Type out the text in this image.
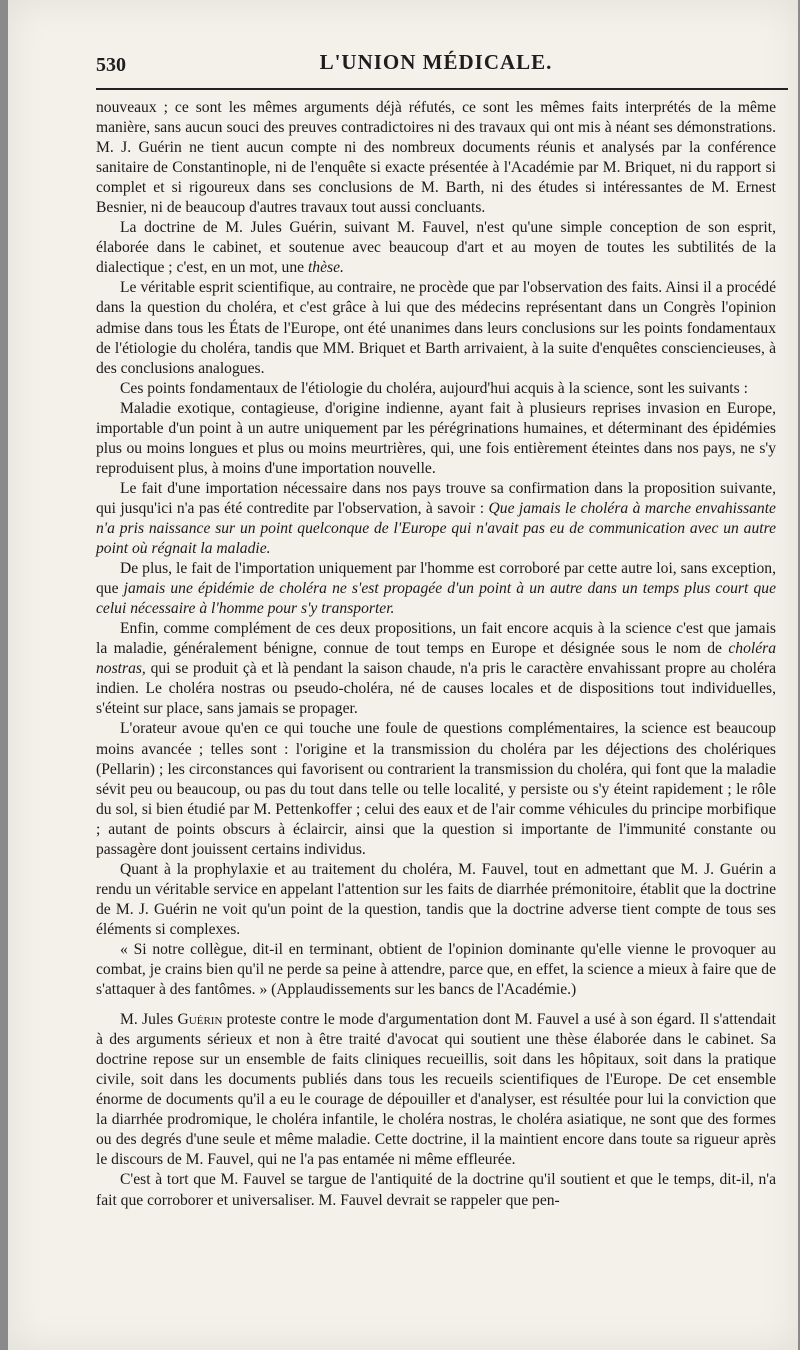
530	L'UNION MÉDICALE.

nouveaux ; ce sont les mêmes arguments déjà réfutés, ce sont les mêmes faits interprétés de la même manière, sans aucun souci des preuves contradictoires ni des travaux qui ont mis à néant ses démonstrations. M. J. Guérin ne tient aucun compte ni des nombreux documents réunis et analysés par la conférence sanitaire de Constantinople, ni de l'enquête si exacte présentée à l'Académie par M. Briquet, ni du rapport si complet et si rigoureux dans ses conclusions de M. Barth, ni des études si intéressantes de M. Ernest Besnier, ni de beaucoup d'autres travaux tout aussi concluants.

La doctrine de M. Jules Guérin, suivant M. Fauvel, n'est qu'une simple conception de son esprit, élaborée dans le cabinet, et soutenue avec beaucoup d'art et au moyen de toutes les subtilités de la dialectique ; c'est, en un mot, une thèse.

Le véritable esprit scientifique, au contraire, ne procède que par l'observation des faits. Ainsi il a procédé dans la question du choléra, et c'est grâce à lui que des médecins représentant dans un Congrès l'opinion admise dans tous les États de l'Europe, ont été unanimes dans leurs conclusions sur les points fondamentaux de l'étiologie du choléra, tandis que MM. Briquet et Barth arrivaient, à la suite d'enquêtes consciencieuses, à des conclusions analogues.

Ces points fondamentaux de l'étiologie du choléra, aujourd'hui acquis à la science, sont les suivants :

Maladie exotique, contagieuse, d'origine indienne, ayant fait à plusieurs reprises invasion en Europe, importable d'un point à un autre uniquement par les pérégrinations humaines, et déterminant des épidémies plus ou moins longues et plus ou moins meurtrières, qui, une fois entièrement éteintes dans nos pays, ne s'y reproduisent plus, à moins d'une importation nouvelle.

Le fait d'une importation nécessaire dans nos pays trouve sa confirmation dans la proposition suivante, qui jusqu'ici n'a pas été contredite par l'observation, à savoir : Que jamais le choléra à marche envahissante n'a pris naissance sur un point quelconque de l'Europe qui n'avait pas eu de communication avec un autre point où régnait la maladie.

De plus, le fait de l'importation uniquement par l'homme est corroboré par cette autre loi, sans exception, que jamais une épidémie de choléra ne s'est propagée d'un point à un autre dans un temps plus court que celui nécessaire à l'homme pour s'y transporter.

Enfin, comme complément de ces deux propositions, un fait encore acquis à la science c'est que jamais la maladie, généralement bénigne, connue de tout temps en Europe et désignée sous le nom de choléra nostras, qui se produit çà et là pendant la saison chaude, n'a pris le caractère envahissant propre au choléra indien. Le choléra nostras ou pseudo-choléra, né de causes locales et de dispositions tout individuelles, s'éteint sur place, sans jamais se propager.

L'orateur avoue qu'en ce qui touche une foule de questions complémentaires, la science est beaucoup moins avancée ; telles sont : l'origine et la transmission du choléra par les déjections des cholériques (Pellarin) ; les circonstances qui favorisent ou contrarient la transmission du choléra, qui font que la maladie sévit peu ou beaucoup, ou pas du tout dans telle ou telle localité, y persiste ou s'y éteint rapidement ; le rôle du sol, si bien étudié par M. Pettenkoffer ; celui des eaux et de l'air comme véhicules du principe morbifique ; autant de points obscurs à éclaircir, ainsi que la question si importante de l'immunité constante ou passagère dont jouissent certains individus.

Quant à la prophylaxie et au traitement du choléra, M. Fauvel, tout en admettant que M. J. Guérin a rendu un véritable service en appelant l'attention sur les faits de diarrhée prémonitoire, établit que la doctrine de M. J. Guérin ne voit qu'un point de la question, tandis que la doctrine adverse tient compte de tous ses éléments si complexes.

« Si notre collègue, dit-il en terminant, obtient de l'opinion dominante qu'elle vienne le provoquer au combat, je crains bien qu'il ne perde sa peine à attendre, parce que, en effet, la science a mieux à faire que de s'attaquer à des fantômes. » (Applaudissements sur les bancs de l'Académie.)

M. Jules Guérin proteste contre le mode d'argumentation dont M. Fauvel a usé à son égard. Il s'attendait à des arguments sérieux et non à être traité d'avocat qui soutient une thèse élaborée dans le cabinet. Sa doctrine repose sur un ensemble de faits cliniques recueillis, soit dans les hôpitaux, soit dans la pratique civile, soit dans les documents publiés dans tous les recueils scientifiques de l'Europe. De cet ensemble énorme de documents qu'il a eu le courage de dépouiller et d'analyser, est résultée pour lui la conviction que la diarrhée prodromique, le choléra infantile, le choléra nostras, le choléra asiatique, ne sont que des formes ou des degrés d'une seule et même maladie. Cette doctrine, il la maintient encore dans toute sa rigueur après le discours de M. Fauvel, qui ne l'a pas entamée ni même effleurée.

C'est à tort que M. Fauvel se targue de l'antiquité de la doctrine qu'il soutient et que le temps, dit-il, n'a fait que corroborer et universaliser. M. Fauvel devrait se rappeler que pen-
